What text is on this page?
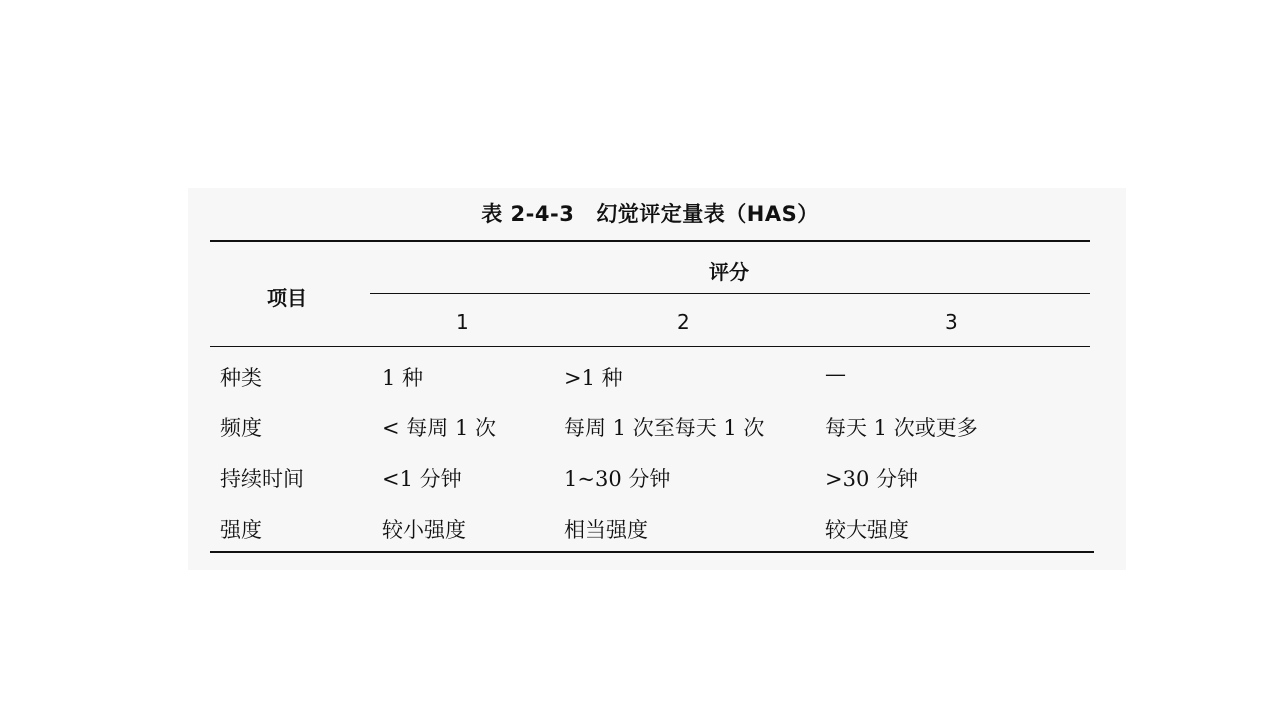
表 2-4-3 幻觉评定量表（HAS）
项目
评分
1	2	3
种类	1 种	>1 种	—
频度	< 每周 1 次	每周 1 次至每天 1 次	每天 1 次或更多
持续时间	<1 分钟	1~30 分钟	>30 分钟
强度	较小强度	相当强度	较大强度
